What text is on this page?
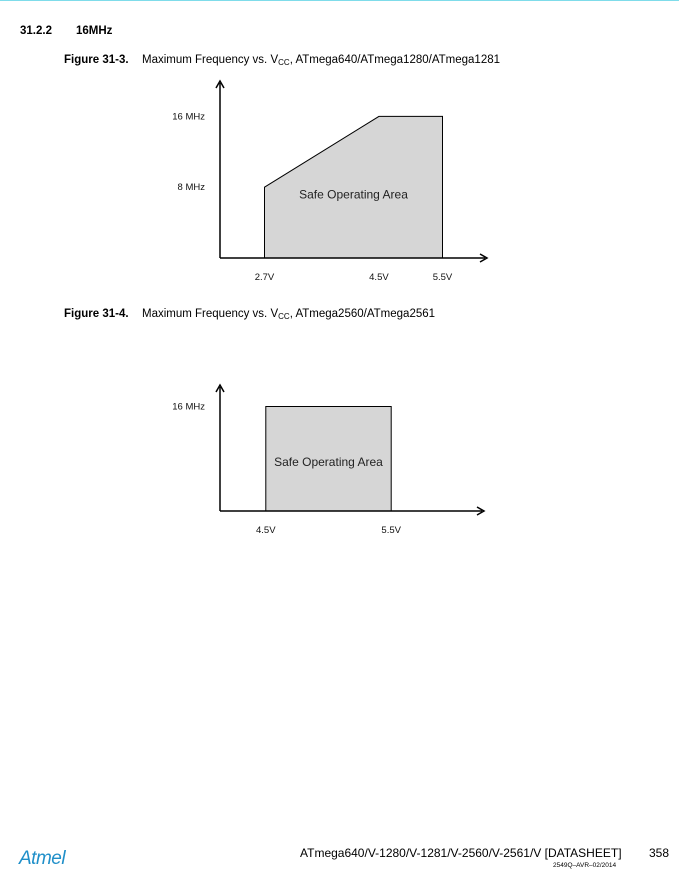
31.2.2 16MHz
Figure 31-3. Maximum Frequency vs. $V_{CC}$, ATmega640/ATmega1280/ATmega1281
2.7V	4.5V	5.5V
8 MHz
16 MHz
Safe Operating Area
Figure 31-4. Maximum Frequency vs. $V_{CC}$, ATmega2560/ATmega2561
4.5V	5.5V
16 MHz
Safe Operating Area
Atmel	ATmega640/V-1280/V-1281/V-2560/V-2561/V [DATASHEET] 358
2549Q–AVR–02/2014
